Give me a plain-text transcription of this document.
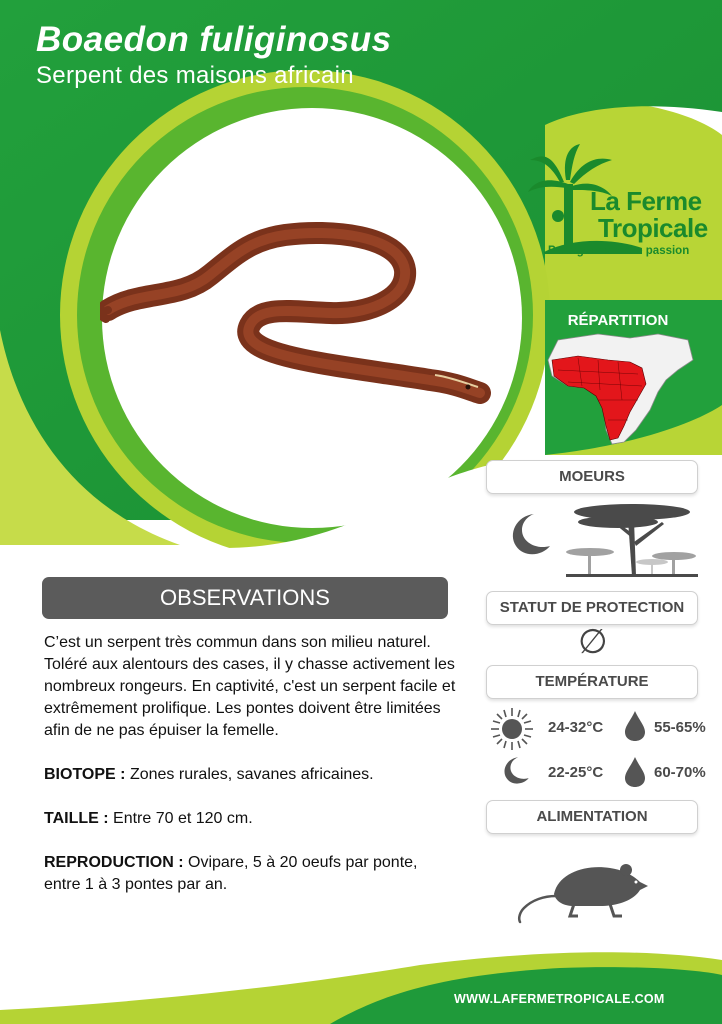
Boaedon fuliginosus
Serpent des maisons africain
La Ferme
Tropicale
Partageons notre passion
RÉPARTITION
MOEURS
STATUT DE PROTECTION
∅
TEMPÉRATURE
24-32°C	55-65%
22-25°C	60-70%
ALIMENTATION
OBSERVATIONS

C’est un serpent très commun dans son milieu naturel. Toléré aux alentours des cases, il y chasse activement les nombreux rongeurs. En captivité, c'est un serpent facile et extrêmement prolifique. Les pontes doivent être limitées afin de ne pas épuiser la femelle.

BIOTOPE : Zones rurales, savanes africaines.

TAILLE : Entre 70 et 120 cm.

REPRODUCTION : Ovipare, 5 à 20 oeufs par ponte, entre 1 à 3 pontes par an.

WWW.LAFERMETROPICALE.COM
